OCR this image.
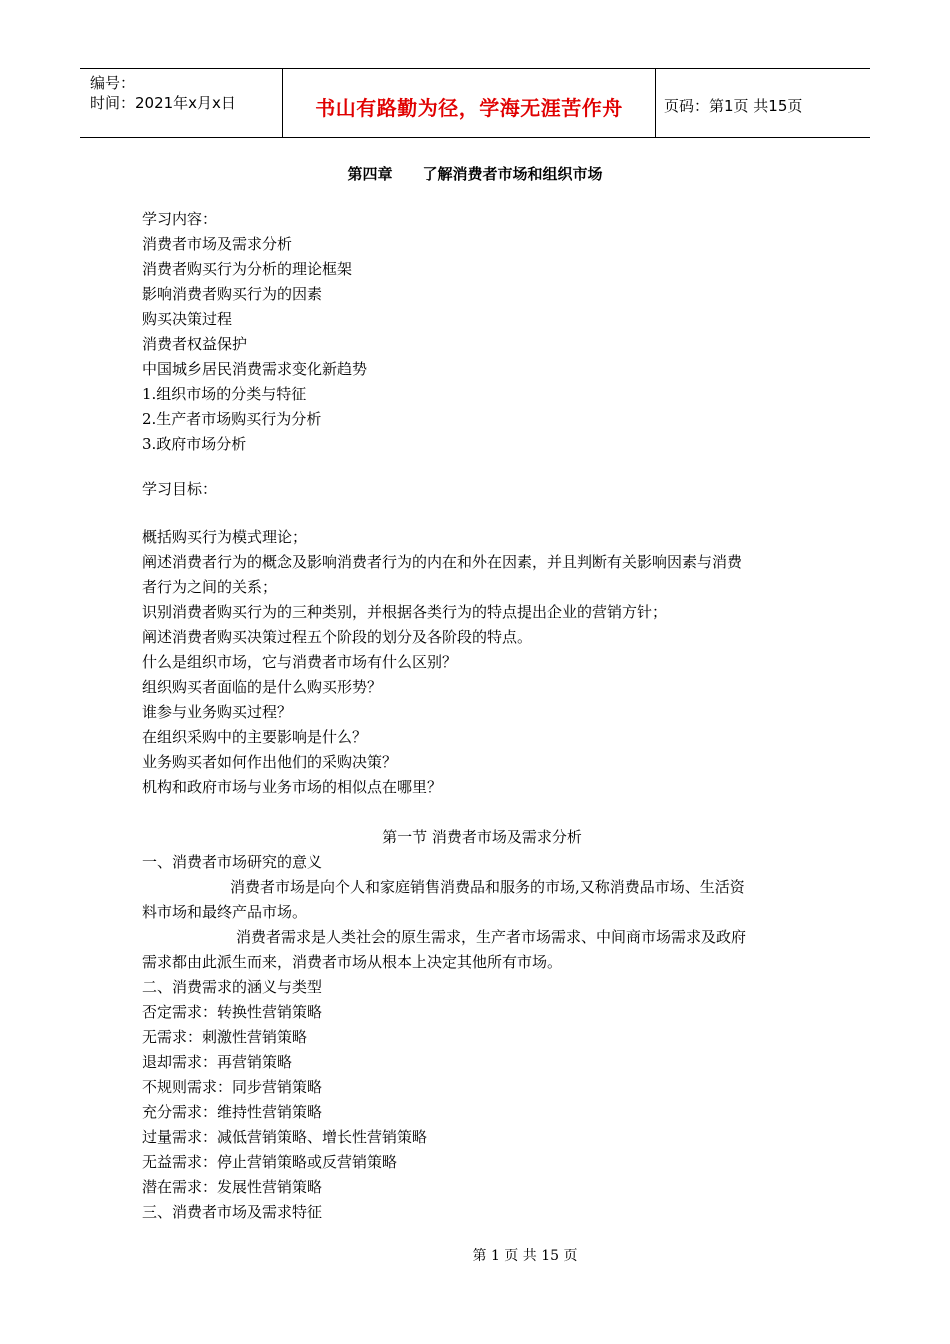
编号：
时间：2021年x月x日	书山有路勤为径，学海无涯苦作舟	页码：第1页 共15页
第四章　　了解消费者市场和组织市场
学习内容：
消费者市场及需求分析
消费者购买行为分析的理论框架
影响消费者购买行为的因素
购买决策过程
消费者权益保护
中国城乡居民消费需求变化新趋势
1.组织市场的分类与特征
2.生产者市场购买行为分析
3.政府市场分析
学习目标：
概括购买行为模式理论；
阐述消费者行为的概念及影响消费者行为的内在和外在因素，并且判断有关影响因素与消费
者行为之间的关系；
识别消费者购买行为的三种类别，并根据各类行为的特点提出企业的营销方针；
阐述消费者购买决策过程五个阶段的划分及各阶段的特点。
什么是组织市场，它与消费者市场有什么区别？
组织购买者面临的是什么购买形势？
谁参与业务购买过程？
在组织采购中的主要影响是什么？
业务购买者如何作出他们的采购决策？
机构和政府市场与业务市场的相似点在哪里？
第一节 消费者市场及需求分析
一、消费者市场研究的意义
消费者市场是向个人和家庭销售消费品和服务的市场,又称消费品市场、生活资
料市场和最终产品市场。
消费者需求是人类社会的原生需求，生产者市场需求、中间商市场需求及政府
需求都由此派生而来，消费者市场从根本上决定其他所有市场。
二、消费需求的涵义与类型
否定需求：转换性营销策略
无需求：刺激性营销策略
退却需求：再营销策略
不规则需求：同步营销策略
充分需求：维持性营销策略
过量需求：减低营销策略、增长性营销策略
无益需求：停止营销策略或反营销策略
潜在需求：发展性营销策略
三、消费者市场及需求特征
第 1 页 共 15 页
